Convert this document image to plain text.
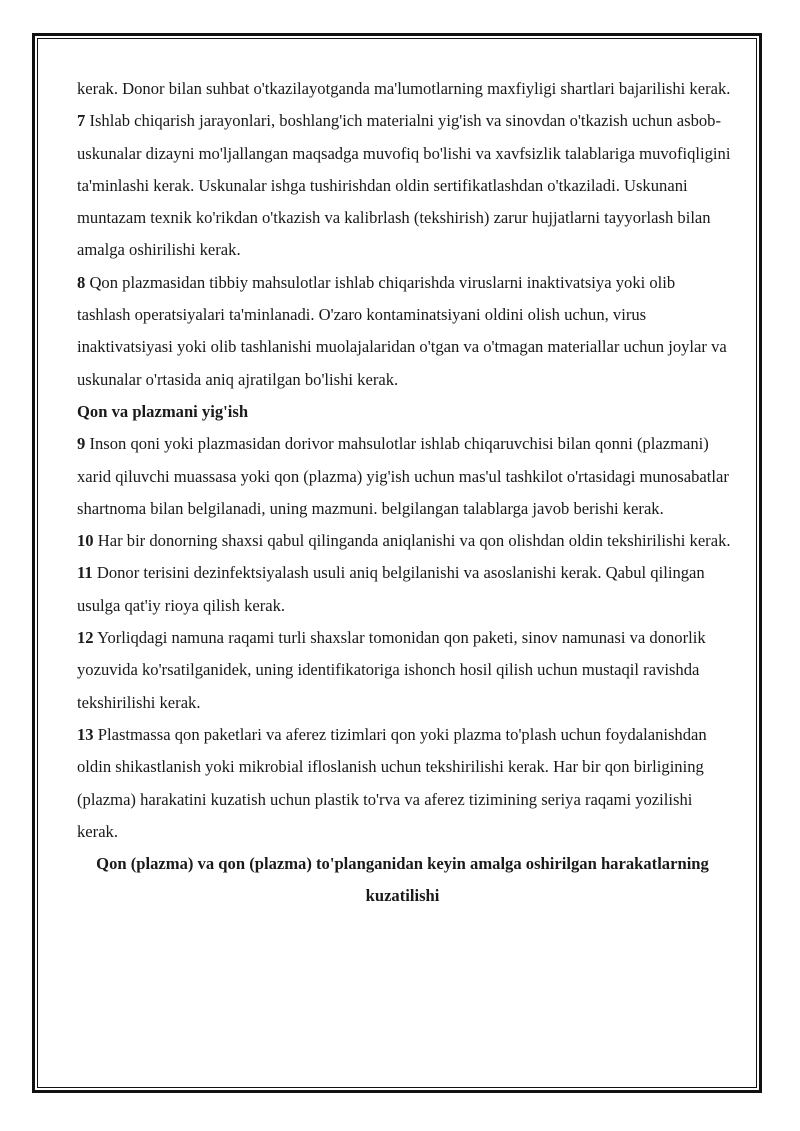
kerak. Donor bilan suhbat o'tkazilayotganda ma'lumotlarning maxfiyligi shartlari bajarilishi kerak.

7 Ishlab chiqarish jarayonlari, boshlang'ich materialni yig'ish va sinovdan o'tkazish uchun asbob-uskunalar dizayni mo'ljallangan maqsadga muvofiq bo'lishi va xavfsizlik talablariga muvofiqligini ta'minlashi kerak. Uskunalar ishga tushirishdan oldin sertifikatlashdan o'tkaziladi. Uskunani muntazam texnik ko'rikdan o'tkazish va kalibrlash (tekshirish) zarur hujjatlarni tayyorlash bilan amalga oshirilishi kerak.

8 Qon plazmasidan tibbiy mahsulotlar ishlab chiqarishda viruslarni inaktivatsiya yoki olib tashlash operatsiyalari ta'minlanadi. O'zaro kontaminatsiyani oldini olish uchun, virus inaktivatsiyasi yoki olib tashlanishi muolajalaridan o'tgan va o'tmagan materiallar uchun joylar va uskunalar o'rtasida aniq ajratilgan bo'lishi kerak.

Qon va plazmani yig'ish

9 Inson qoni yoki plazmasidan dorivor mahsulotlar ishlab chiqaruvchisi bilan qonni (plazmani) xarid qiluvchi muassasa yoki qon (plazma) yig'ish uchun mas'ul tashkilot o'rtasidagi munosabatlar shartnoma bilan belgilanadi, uning mazmuni. belgilangan talablarga javob berishi kerak.

10 Har bir donorning shaxsi qabul qilinganda aniqlanishi va qon olishdan oldin tekshirilishi kerak.

11 Donor terisini dezinfektsiyalash usuli aniq belgilanishi va asoslanishi kerak. Qabul qilingan usulga qat'iy rioya qilish kerak.

12 Yorliqdagi namuna raqami turli shaxslar tomonidan qon paketi, sinov namunasi va donorlik yozuvida ko'rsatilganidek, uning identifikatoriga ishonch hosil qilish uchun mustaqil ravishda tekshirilishi kerak.

13 Plastmassa qon paketlari va aferez tizimlari qon yoki plazma to'plash uchun foydalanishdan oldin shikastlanish yoki mikrobial ifloslanish uchun tekshirilishi kerak. Har bir qon birligining (plazma) harakatini kuzatish uchun plastik to'rva va aferez tizimining seriya raqami yozilishi kerak.

Qon (plazma) va qon (plazma) to'planganidan keyin amalga oshirilgan harakatlarning kuzatilishi
